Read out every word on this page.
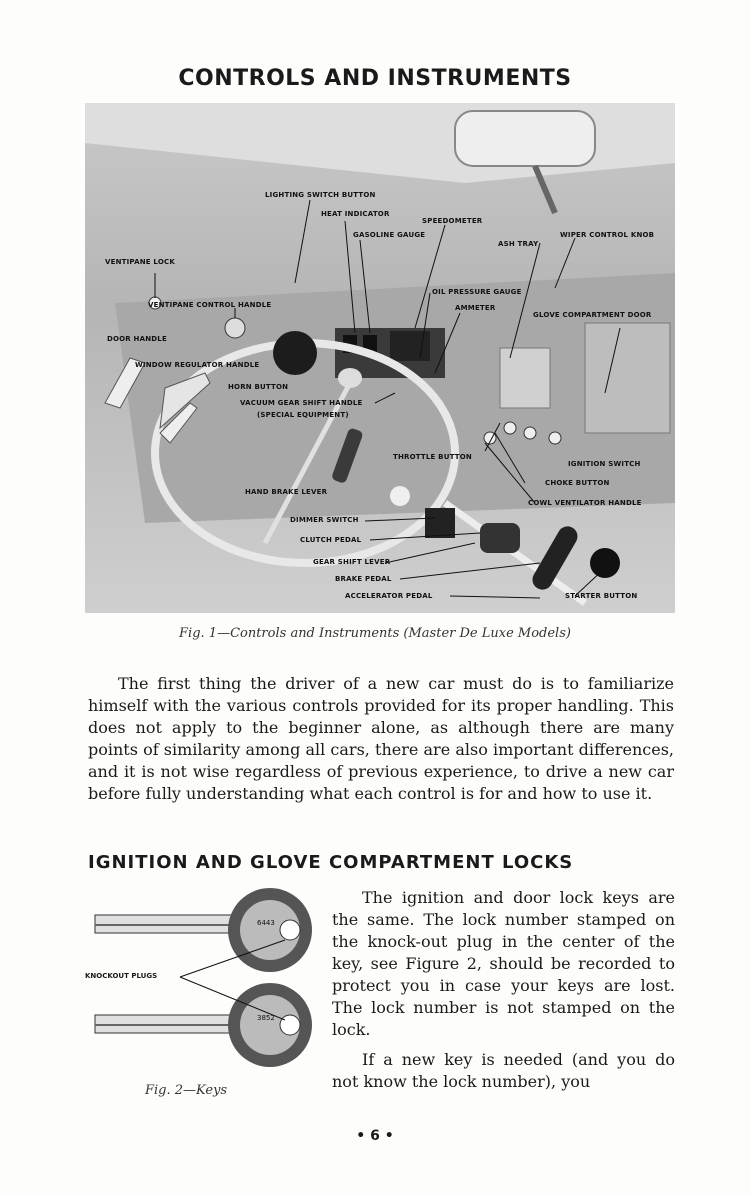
CONTROLS AND INSTRUMENTS
LIGHTING SWITCH BUTTON
HEAT INDICATOR
SPEEDOMETER
GASOLINE GAUGE	WIPER CONTROL KNOB
ASH TRAY
VENTIPANE LOCK
OIL PRESSURE GAUGE
AMMETER
GLOVE COMPARTMENT DOOR
VENTIPANE CONTROL HANDLE
DOOR HANDLE
WINDOW REGULATOR HANDLE
HORN BUTTON
VACUUM GEAR SHIFT HANDLE
(SPECIAL EQUIPMENT)
THROTTLE BUTTON
IGNITION SWITCH
CHOKE BUTTON
COWL VENTILATOR HANDLE
HAND BRAKE LEVER
DIMMER SWITCH
CLUTCH PEDAL
GEAR SHIFT LEVER
BRAKE PEDAL
ACCELERATOR PEDAL	STARTER BUTTON
Fig. 1—Controls and Instruments (Master De Luxe Models)

The first thing the driver of a new car must do is to familiarize himself with the various controls provided for its proper handling. This does not apply to the beginner alone, as although there are many points of similarity among all cars, there are also important differences, and it is not wise regardless of previous experience, to drive a new car before fully understanding what each control is for and how to use it.

IGNITION AND GLOVE COMPARTMENT LOCKS
6443
3852
KNOCKOUT PLUGS
Fig. 2—Keys

The ignition and door lock keys are the same. The lock number stamped on the knock-out plug in the center of the key, see Figure 2, should be recorded to protect you in case your keys are lost. The lock number is not stamped on the lock.

If a new key is needed (and you do not know the lock number), you

• 6 •
